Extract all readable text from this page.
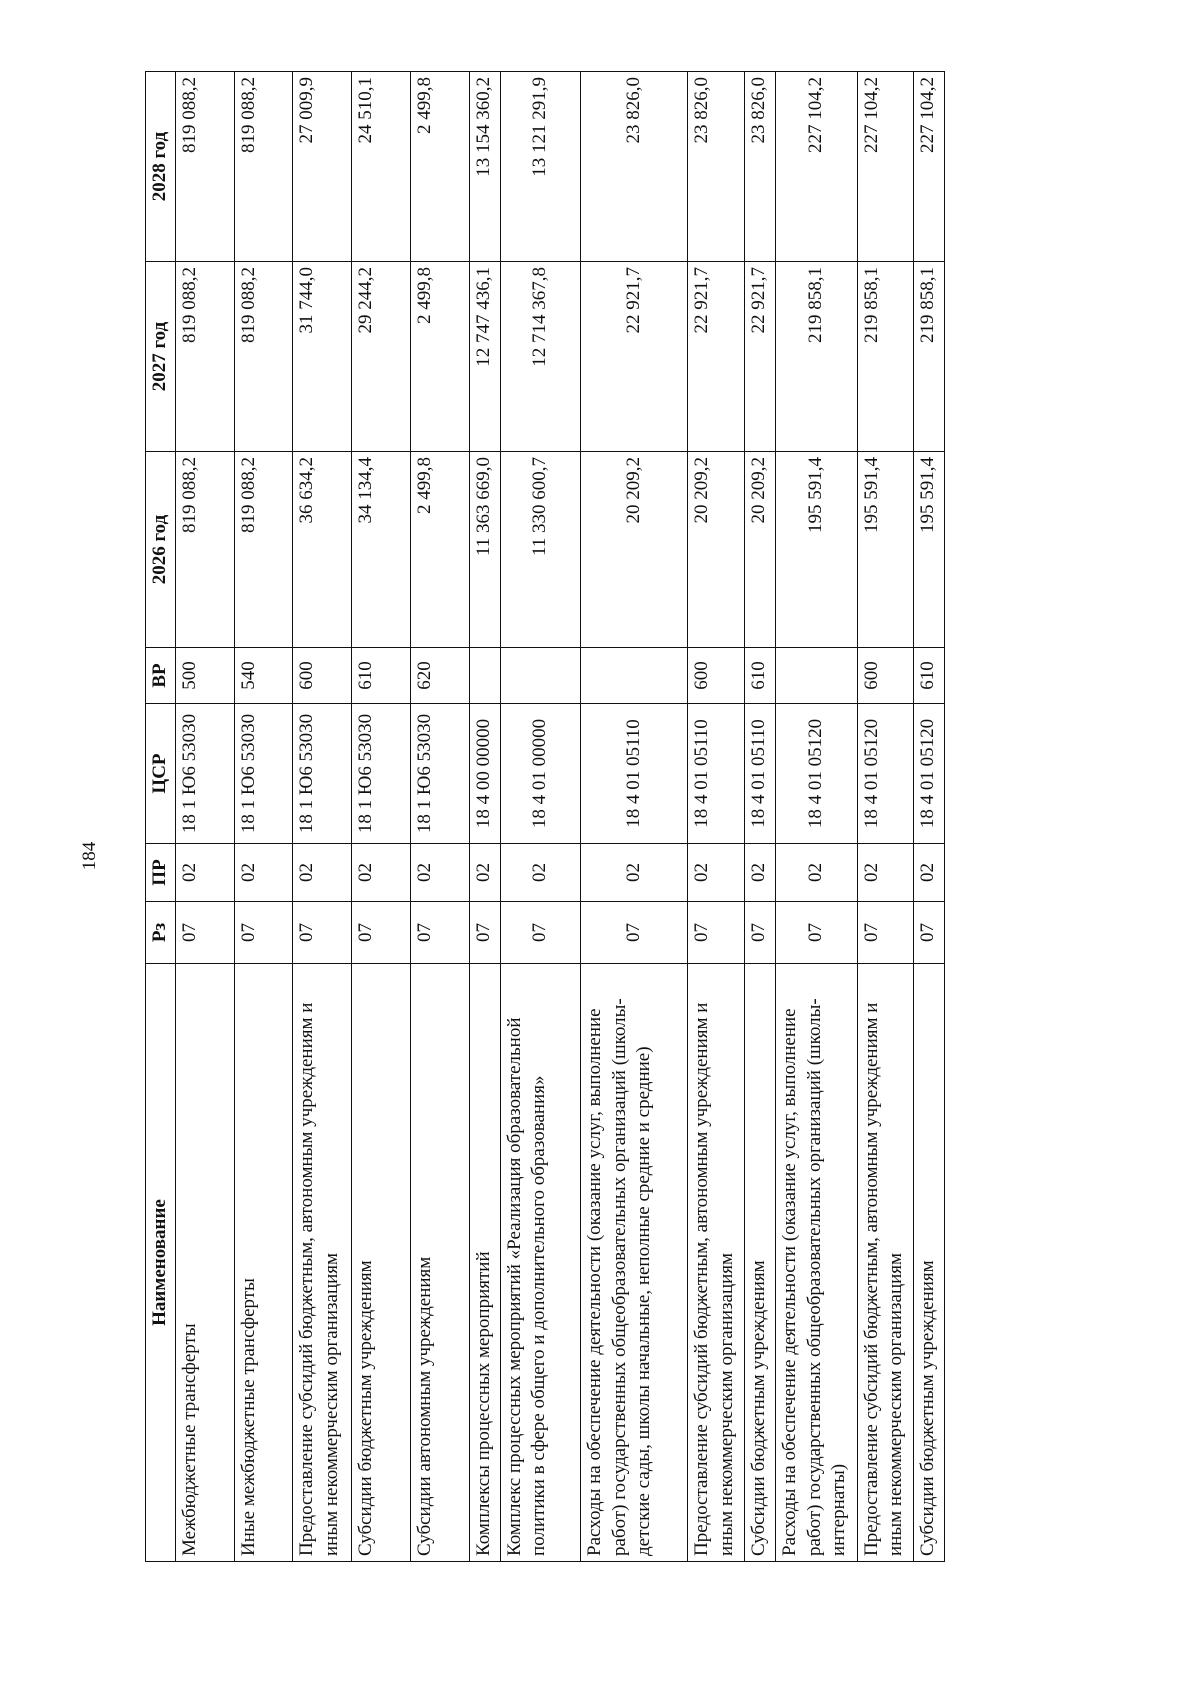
184
Наименование	Рз	ПР	ЦСР	ВР	2026 год	2027 год	2028 год
Межбюджетные трансферты	07	02	18 1 Ю6 53030	500	819 088,2	819 088,2	819 088,2
Иные межбюджетные трансферты	07	02	18 1 Ю6 53030	540	819 088,2	819 088,2	819 088,2
Предоставление субсидий бюджетным, автономным учреждениям и иным некоммерческим организациям	07	02	18 1 Ю6 53030	600	36 634,2	31 744,0	27 009,9
Субсидии бюджетным учреждениям	07	02	18 1 Ю6 53030	610	34 134,4	29 244,2	24 510,1
Субсидии автономным учреждениям	07	02	18 1 Ю6 53030	620	2 499,8	2 499,8	2 499,8
Комплексы процессных мероприятий	07	02	18 4 00 00000		11 363 669,0	12 747 436,1	13 154 360,2
Комплекс процессных мероприятий «Реализация образовательной политики в сфере общего и дополнительного образования»	07	02	18 4 01 00000		11 330 600,7	12 714 367,8	13 121 291,9
Расходы на обеспечение деятельности (оказание услуг, выполнение работ) государственных общеобразовательных организаций (школы-детские сады, школы начальные, неполные средние и средние)	07	02	18 4 01 05110		20 209,2	22 921,7	23 826,0
Предоставление субсидий бюджетным, автономным учреждениям и иным некоммерческим организациям	07	02	18 4 01 05110	600	20 209,2	22 921,7	23 826,0
Субсидии бюджетным учреждениям	07	02	18 4 01 05110	610	20 209,2	22 921,7	23 826,0
Расходы на обеспечение деятельности (оказание услуг, выполнение работ) государственных общеобразовательных организаций (школы-интернаты)	07	02	18 4 01 05120		195 591,4	219 858,1	227 104,2
Предоставление субсидий бюджетным, автономным учреждениям и иным некоммерческим организациям	07	02	18 4 01 05120	600	195 591,4	219 858,1	227 104,2
Субсидии бюджетным учреждениям	07	02	18 4 01 05120	610	195 591,4	219 858,1	227 104,2
